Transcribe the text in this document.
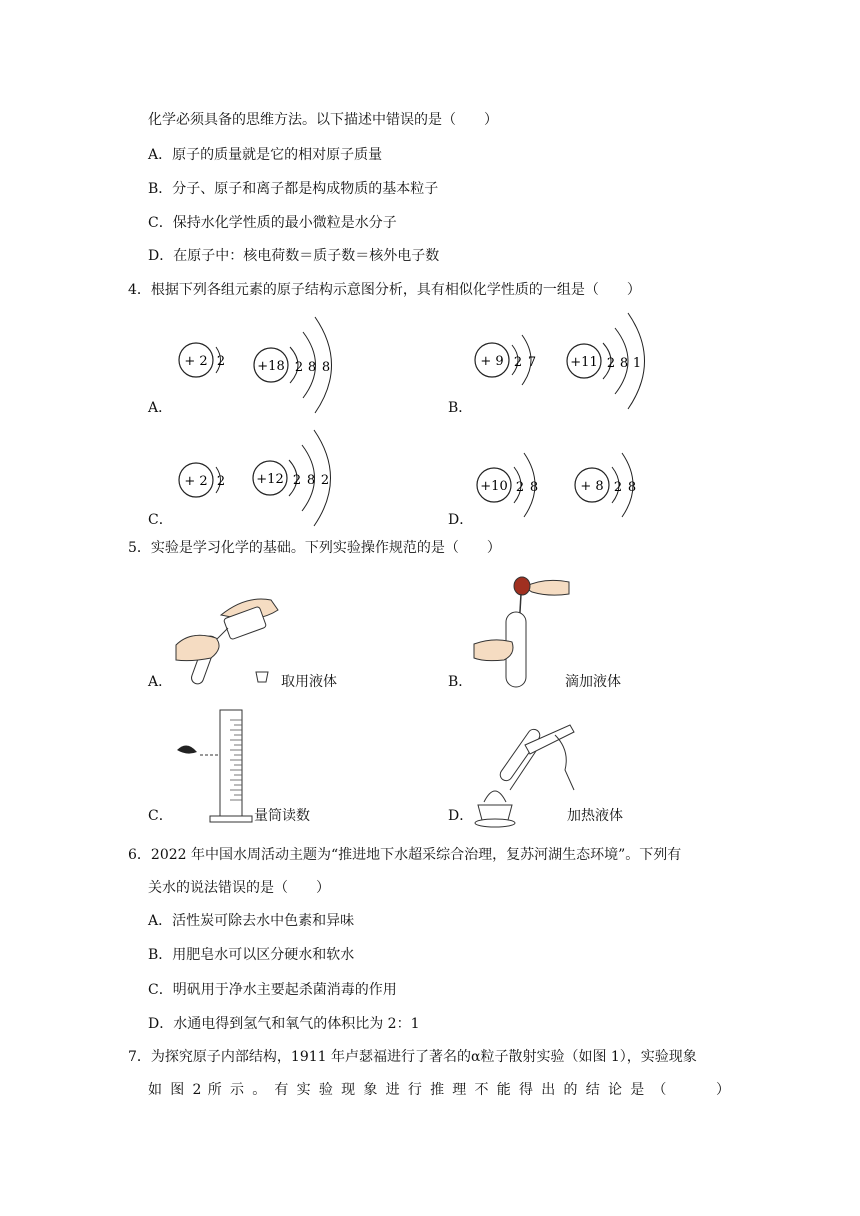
化学必须具备的思维方法。以下描述中错误的是（　　）
A．原子的质量就是它的相对原子质量
B．分子、原子和离子都是构成物质的基本粒子
C．保持水化学性质的最小微粒是水分子
D．在原子中：核电荷数＝质子数＝核外电子数
4．根据下列各组元素的原子结构示意图分析，具有相似化学性质的一组是（　　）
A．	B．
C．	D．
+ 2 2 +18 2 8 8	+ 9 2 7	+11 2 8 1
+ 2 2 +12 2 8 2	+10 2 8	+ 8 2 8
5．实验是学习化学的基础。下列实验操作规范的是（　　）
A．	B．
C．	D．
取用液体	滴加液体
量筒读数	加热液体
6．2022 年中国水周活动主题为“推进地下水超采综合治理，复苏河湖生态环境”。下列有
关水的说法错误的是（　　）
A．活性炭可除去水中色素和异味
B．用肥皂水可以区分硬水和软水
C．明矾用于净水主要起杀菌消毒的作用
D．水通电得到氢气和氧气的体积比为 2：1
7．为探究原子内部结构，1911 年卢瑟福进行了著名的α粒子散射实验（如图 1），实验现象
如 图 2 所 示 。 有 实 验 现 象 进 行 推 理 不 能 得 出 的 结 论 是 （　　　）
